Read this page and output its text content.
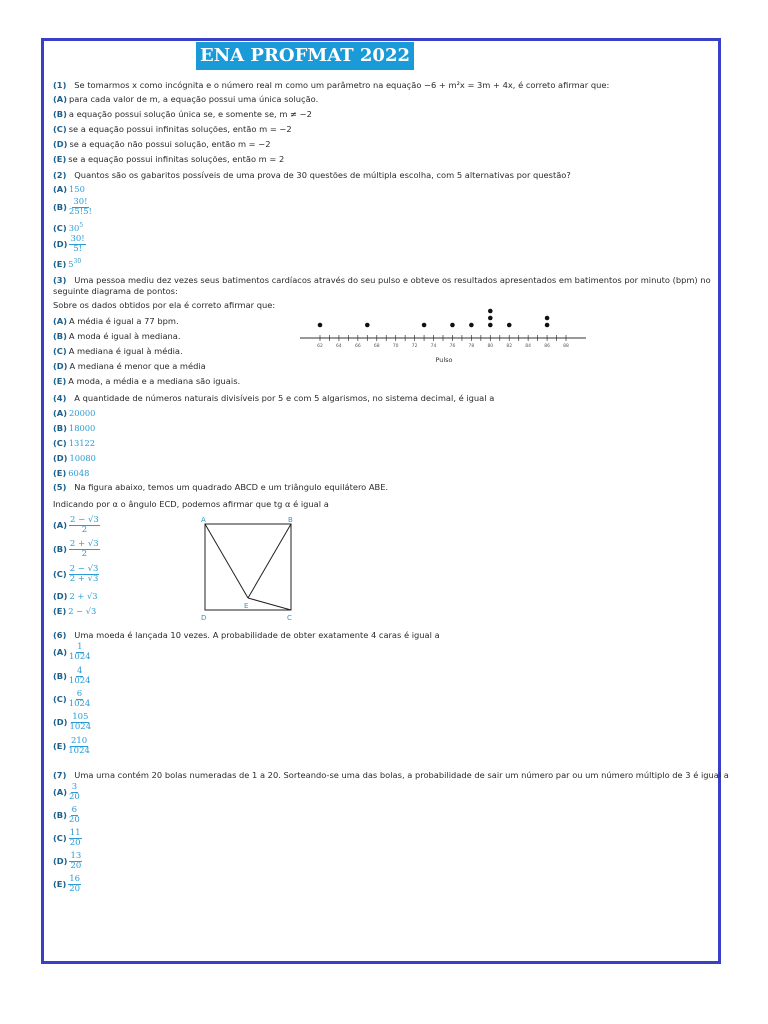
ENA PROFMAT 2022
(1) Se tomarmos x como incógnita e o número real m como um parâmetro na equação −6 + m²x = 3m + 4x, é correto afirmar que:
(A) para cada valor de m, a equação possui uma única solução.
(B) a equação possui solução única se, e somente se, m ≠ −2
(C) se a equação possui infinitas soluções, então m = −2
(D) se a equação não possui solução, então m = −2
(E) se a equação possui infinitas soluções, então m = 2
(2) Quantos são os gabaritos possíveis de uma prova de 30 questões de múltipla escolha, com 5 alternativas por questão?
(A) 150
$(B) \frac{30!}{25!5!}$
(C) $30^5$
$(D) \frac{30!}{5!}$
(E) $5^{30}$
(3) Uma pessoa mediu dez vezes seus batimentos cardíacos através do seu pulso e obteve os resultados apresentados em batimentos por minuto (bpm) no
seguinte diagrama de pontos:
Sobre os dados obtidos por ela é correto afirmar que:
(A) A média é igual a 77 bpm.
(B) A moda é igual à mediana.
(C) A mediana é igual à média.
(D) A mediana é menor que a média
(E) A moda, a média e a mediana são iguais.
62	64	66	68	70	72	74	76	78	80	82	84	86	88
Pulso
(4) A quantidade de números naturais divisíveis por 5 e com 5 algarismos, no sistema decimal, é igual a
(A) 20000
(B) 18000
(C) 13122
(D) 10080
(E) 6048
(5) Na figura abaixo, temos um quadrado ABCD e um triângulo equilátero ABE.
Indicando por α o ângulo ECD, podemos afirmar que tg α é igual a
$(A) \frac{2 - √3}{2}$
$(B) \frac{2 + √3}{2}$
$(C) \frac{2 - √3}{2 + √3}$
(D) 2 + √3
(E) 2 − √3
A	B
C
D
E
(6) Uma moeda é lançada 10 vezes. A probabilidade de obter exatamente 4 caras é igual a
$(A) \frac{1}{1024}$
$(B) \frac{4}{1024}$
$(C) \frac{6}{1024}$
$(D) \frac{105}{1024}$
$(E) \frac{210}{1024}$
(7) Uma urna contém 20 bolas numeradas de 1 a 20. Sorteando-se uma das bolas, a probabilidade de sair um número par ou um número múltiplo de 3 é igual a
$(A) \frac{3}{20}$
$(B) \frac{6}{20}$
$(C) \frac{11}{20}$
$(D) \frac{13}{20}$
$(E) \frac{16}{20}$
